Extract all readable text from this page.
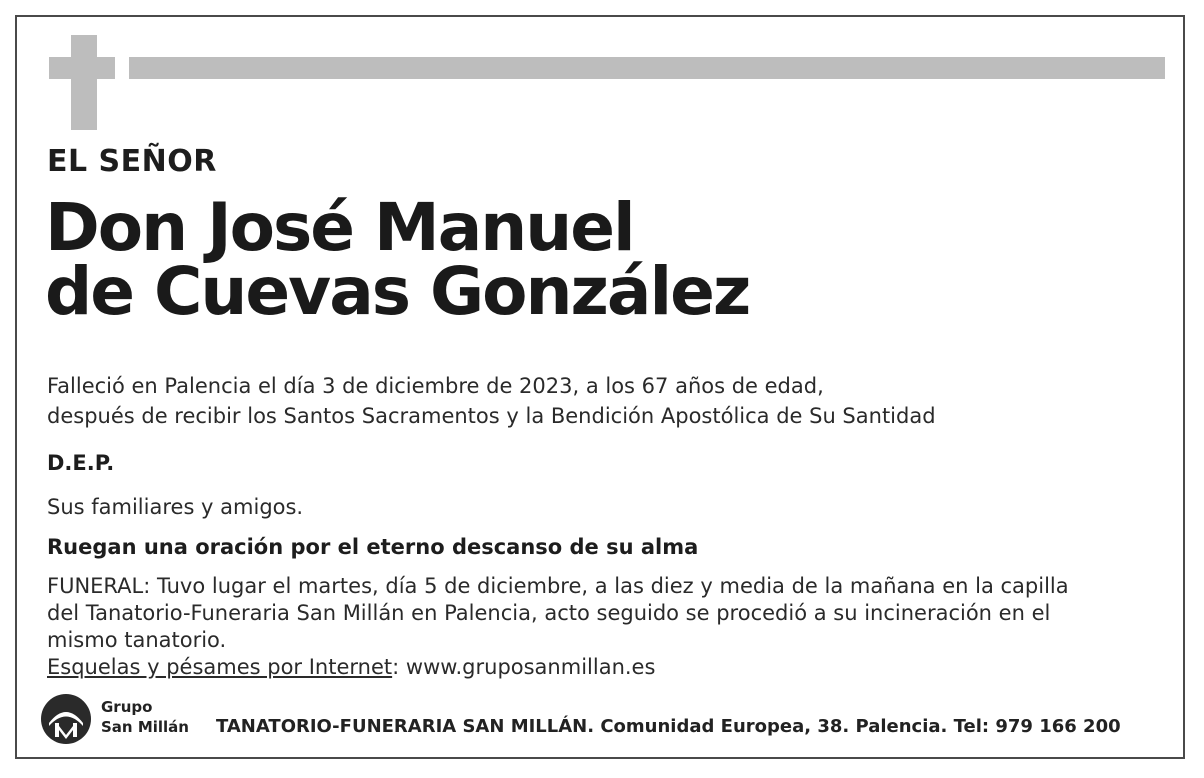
EL SEÑOR
Don José Manuel
de Cuevas González
Falleció en Palencia el día 3 de diciembre de 2023, a los 67 años de edad,
después de recibir los Santos Sacramentos y la Bendición Apostólica de Su Santidad
D.E.P.
Sus familiares y amigos.
Ruegan una oración por el eterno descanso de su alma
FUNERAL: Tuvo lugar el martes, día 5 de diciembre, a las diez y media de la mañana en la capilla
del Tanatorio-Funeraria San Millán en Palencia, acto seguido se procedió a su incineración en el
mismo tanatorio.
Esquelas y pésames por Internet: www.gruposanmillan.es
Grupo
San Millán TANATORIO-FUNERARIA SAN MILLÁN. Comunidad Europea, 38. Palencia. Tel: 979 166 200
